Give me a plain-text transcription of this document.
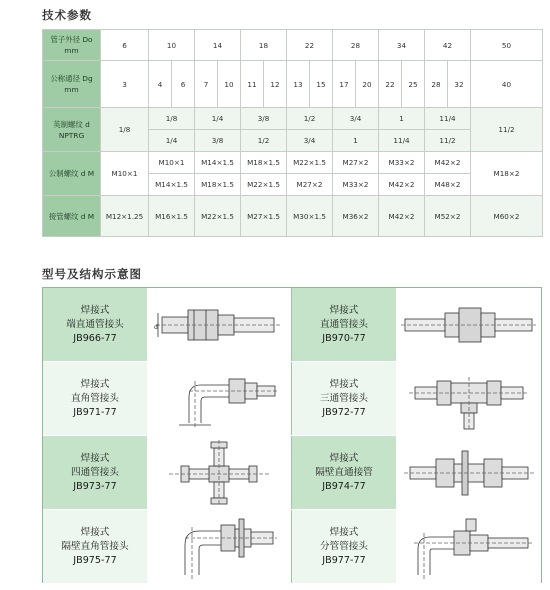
技术参数
管子外径 Do mm	6	10		14		18		22		28		34		42		50
公称通径 Dg mm	3	4	6	7	10	11	12	13	15	17	20	22	25	28	32	40
英制螺纹 d NPTRG	1/8	1/8		1/4		3/8		1/2		3/4		1		11/4		11/2
		1/4		3/8		1/2		3/4		1		11/4		11/2		
公制螺纹 d M	M10×1	M10×1		M14×1.5		M18×1.5		M22×1.5		M27×2		M33×2		M42×2		M18×2
		M14×1.5		M18×1.5		M22×1.5		M27×2		M33×2		M42×2		M48×2		
接管螺纹 d M	M12×1.25	M16×1.5		M22×1.5		M27×1.5		M30×1.5		M36×2		M42×2		M52×2		M60×2
型号及结构示意图
焊接式
端直通管接头
JB966-77
d
焊接式
直通管接头
JB970-77
焊接式
直角管接头
JB971-77
焊接式
三通管接头
JB972-77
焊接式
四通管接头
JB973-77
焊接式
隔壁直通接管
JB974-77
焊接式
隔壁直角管接头
JB975-77
焊接式
分管管接头
JB977-77
